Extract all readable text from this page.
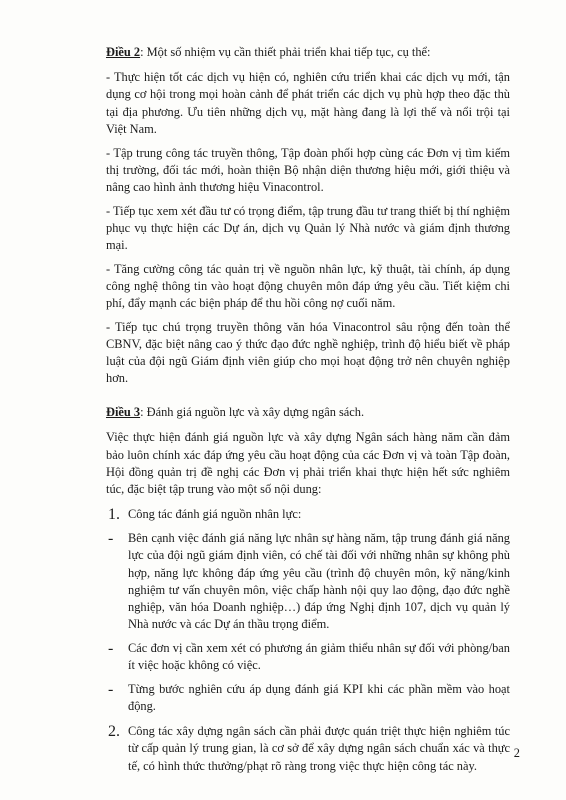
Điều 2: Một số nhiệm vụ cần thiết phải triển khai tiếp tục, cụ thể:

- Thực hiện tốt các dịch vụ hiện có, nghiên cứu triển khai các dịch vụ mới, tận dụng cơ hội trong mọi hoàn cảnh để phát triển các dịch vụ phù hợp theo đặc thù tại địa phương. Ưu tiên những dịch vụ, mặt hàng đang là lợi thế và nổi trội tại Việt Nam.

- Tập trung công tác truyền thông, Tập đoàn phối hợp cùng các Đơn vị tìm kiếm thị trường, đối tác mới, hoàn thiện Bộ nhận diện thương hiệu mới, giới thiệu và nâng cao hình ảnh thương hiệu Vinacontrol.

- Tiếp tục xem xét đầu tư có trọng điểm, tập trung đầu tư trang thiết bị thí nghiệm phục vụ thực hiện các Dự án, dịch vụ Quản lý Nhà nước và giám định thương mại.

- Tăng cường công tác quản trị về nguồn nhân lực, kỹ thuật, tài chính, áp dụng công nghệ thông tin vào hoạt động chuyên môn đáp ứng yêu cầu. Tiết kiệm chi phí, đẩy mạnh các biện pháp để thu hồi công nợ cuối năm.

- Tiếp tục chú trọng truyền thông văn hóa Vinacontrol sâu rộng đến toàn thể CBNV, đặc biệt nâng cao ý thức đạo đức nghề nghiệp, trình độ hiểu biết về pháp luật của đội ngũ Giám định viên giúp cho mọi hoạt động trở nên chuyên nghiệp hơn.

Điều 3: Đánh giá nguồn lực và xây dựng ngân sách.

Việc thực hiện đánh giá nguồn lực và xây dựng Ngân sách hàng năm cần đảm bảo luôn chính xác đáp ứng yêu cầu hoạt động của các Đơn vị và toàn Tập đoàn, Hội đồng quản trị đề nghị các Đơn vị phải triển khai thực hiện hết sức nghiêm túc, đặc biệt tập trung vào một số nội dung:

1. Công tác đánh giá nguồn nhân lực:

-	Bên cạnh việc đánh giá năng lực nhân sự hàng năm, tập trung đánh giá năng lực của đội ngũ giám định viên, có chế tài đối với những nhân sự không phù hợp, năng lực không đáp ứng yêu cầu (trình độ chuyên môn, kỹ năng/kinh nghiệm tư vấn chuyên môn, việc chấp hành nội quy lao động, đạo đức nghề nghiệp, văn hóa Doanh nghiệp…) đáp ứng Nghị định 107, dịch vụ quản lý Nhà nước và các Dự án thầu trọng điểm.

-	Các đơn vị cần xem xét có phương án giảm thiểu nhân sự đối với phòng/ban ít việc hoặc không có việc.

-	Từng bước nghiên cứu áp dụng đánh giá KPI khi các phần mềm vào hoạt động.

2. Công tác xây dựng ngân sách cần phải được quán triệt thực hiện nghiêm túc từ cấp quản lý trung gian, là cơ sở để xây dựng ngân sách chuẩn xác và thực tế, có hình thức thưởng/phạt rõ ràng trong việc thực hiện công tác này.

2
